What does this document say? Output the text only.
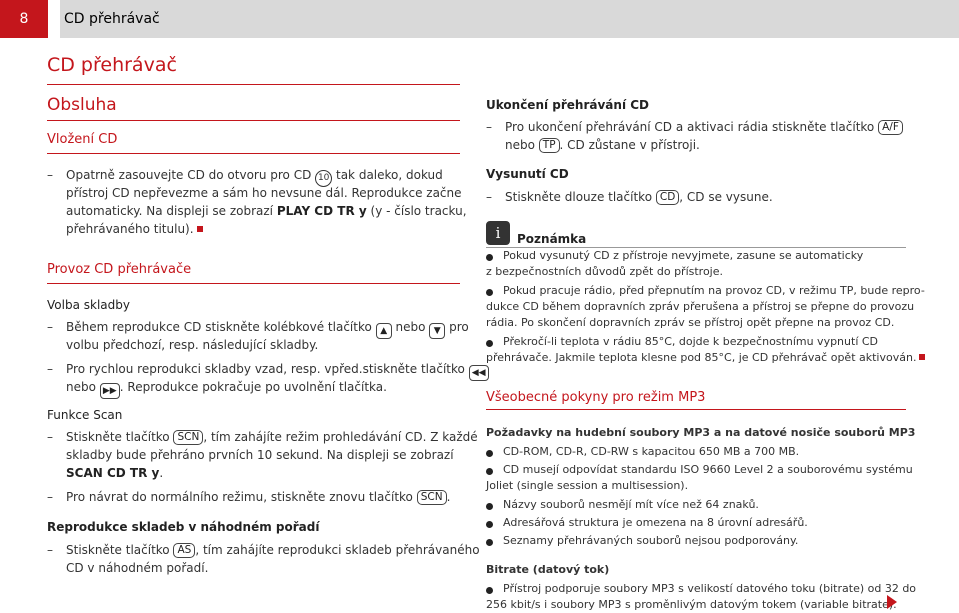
8	CD přehrávač
CD přehrávač
Obsluha
Vložení CD
– Opatrně zasouvejte CD do otvoru pro CD 10 tak daleko, dokud
přístroj CD nepřevezme a sám ho nevsune dál. Reprodukce začne
automaticky. Na displeji se zobrazí PLAY CD TR y (y - číslo tracku,
přehrávaného titulu).
Provoz CD přehrávače
Volba skladby
– Během reprodukce CD stiskněte kolébkové tlačítko ▲ nebo ▼ pro
volbu předchozí, resp. následující skladby.
– Pro rychlou reprodukci skladby vzad, resp. vpřed.stiskněte tlačítko ◀◀
nebo ▶▶ . Reprodukce pokračuje po uvolnění tlačítka.
Funkce Scan
– Stiskněte tlačítko SCN , tím zahájíte režim prohledávání CD. Z každé
skladby bude přehráno prvních 10 sekund. Na displeji se zobrazí
SCAN CD TR y.
– Pro návrat do normálního režimu, stiskněte znovu tlačítko SCN .
Reprodukce skladeb v náhodném pořadí
– Stiskněte tlačítko AS , tím zahájíte reprodukci skladeb přehrávaného
CD v náhodném pořadí.
Ukončení přehrávání CD
– Pro ukončení přehrávání CD a aktivaci rádia stiskněte tlačítko A/F
nebo TP . CD zůstane v přístroji.
Vysunutí CD
– Stiskněte dlouze tlačítko CD , CD se vysune.
i	Poznámka
Pokud vysunutý CD z přístroje nevyjmete, zasune se automaticky
z bezpečnostních důvodů zpět do přístroje.
Pokud pracuje rádio, před přepnutím na provoz CD, v režimu TP, bude repro-
dukce CD během dopravních zpráv přerušena a přístroj se přepne do provozu
rádia. Po skončení dopravních zpráv se přístroj opět přepne na provoz CD.
Překročí-li teplota v rádiu 85°C, dojde k bezpečnostnímu vypnutí CD
přehrávače. Jakmile teplota klesne pod 85°C, je CD přehrávač opět aktivován.
Všeobecné pokyny pro režim MP3
Požadavky na hudební soubory MP3 a na datové nosiče souborů MP3
CD-ROM, CD-R, CD-RW s kapacitou 650 MB a 700 MB.
CD musejí odpovídat standardu ISO 9660 Level 2 a souborovému systému
Joliet (single session a multisession).
Názvy souborů nesmějí mít více než 64 znaků.
Adresářová struktura je omezena na 8 úrovní adresářů.
Seznamy přehrávaných souborů nejsou podporovány.
Bitrate (datový tok)
Přístroj podporuje soubory MP3 s velikostí datového toku (bitrate) od 32 do
256 kbit/s i soubory MP3 s proměnlivým datovým tokem (variable bitrate).
